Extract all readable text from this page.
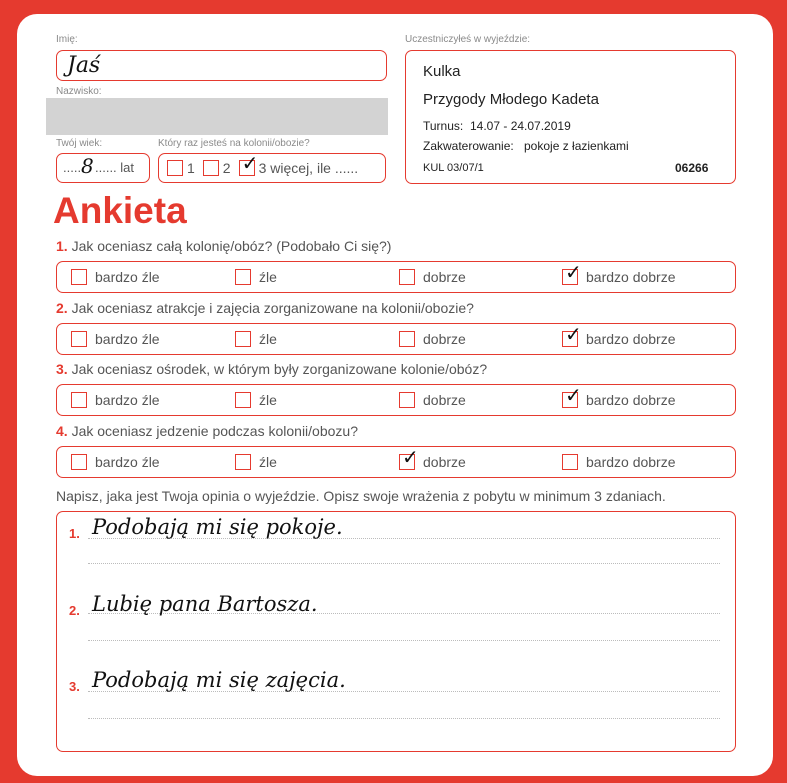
Imię:
Jaś
Nazwisko:
Twój wiek:
......
8 ...... lat
Który raz jesteś na kolonii/obozie?
1 2 ✓ 3 więcej, ile ......
Uczestniczyłeś w wyjeździe:
Kulka
Przygody Młodego Kadeta
Turnus: 14.07 - 24.07.2019
Zakwaterowanie: pokoje z łazienkami
KUL 03/07/1	06266
Ankieta
1. Jak oceniasz całą kolonię/obóz? (Podobało Ci się?)
bardzo źle	źle	dobrze	✓ bardzo dobrze
2. Jak oceniasz atrakcje i zajęcia zorganizowane na kolonii/obozie?
bardzo źle	źle	dobrze	✓ bardzo dobrze
3. Jak oceniasz ośrodek, w którym były zorganizowane kolonie/obóz?
bardzo źle	źle	dobrze	✓ bardzo dobrze
4. Jak oceniasz jedzenie podczas kolonii/obozu?
bardzo źle	źle	✓ dobrze	bardzo dobrze
Napisz, jaka jest Twoja opinia o wyjeździe. Opisz swoje wrażenia z pobytu w minimum 3 zdaniach.
1. Podobają mi się pokoje.
2. Lubię pana Bartosza.
3. Podobają mi się zajęcia.
